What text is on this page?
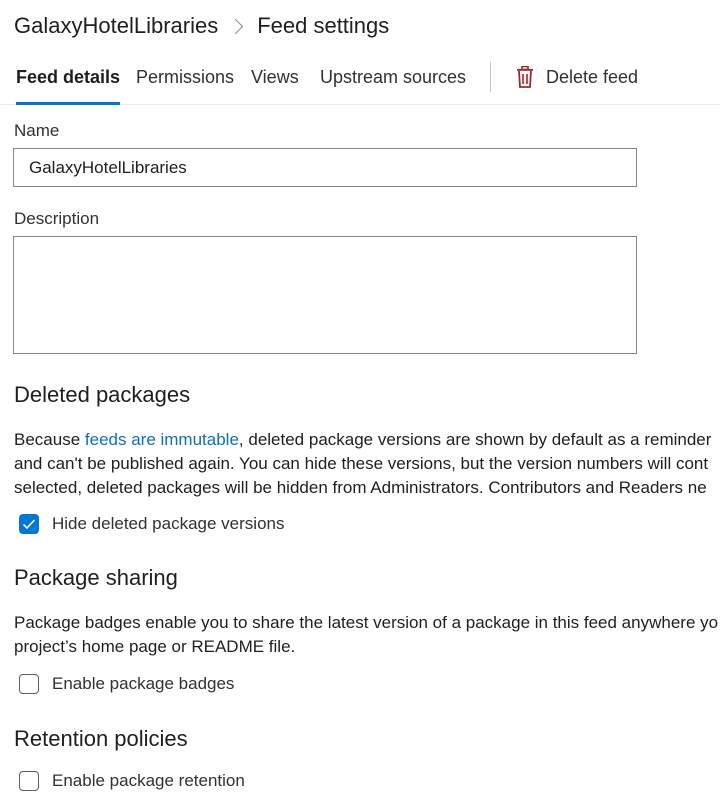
GalaxyHotelLibraries Feed settings
Feed details Permissions Views Upstream sources	Delete feed
Name
GalaxyHotelLibraries
Description
Deleted packages
Because feeds are immutable, deleted package versions are shown by default as a reminder
and can't be published again. You can hide these versions, but the version numbers will cont
selected, deleted packages will be hidden from Administrators. Contributors and Readers ne
Hide deleted package versions
Package sharing
Package badges enable you to share the latest version of a package in this feed anywhere yo
project’s home page or README file.
Enable package badges
Retention policies
Enable package retention
